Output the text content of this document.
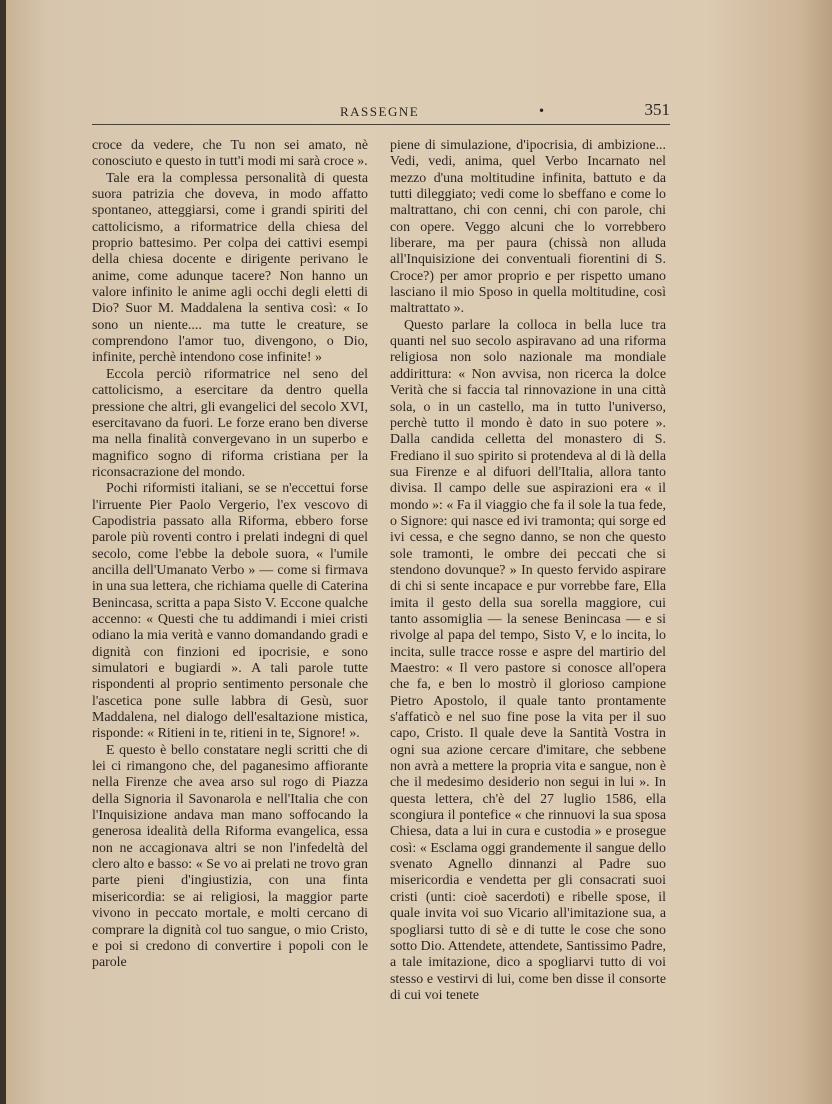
RASSEGNE	•	351

croce da vedere, che Tu non sei amato, nè conosciuto e questo in tutt'i modi mi sarà croce ».

Tale era la complessa personalità di questa suora patrizia che doveva, in modo affatto spontaneo, atteggiarsi, come i grandi spiriti del cattolicismo, a riformatrice della chiesa del proprio battesimo. Per colpa dei cattivi esempi della chiesa docente e dirigente perivano le anime, come adunque tacere? Non hanno un valore infinito le anime agli occhi degli eletti di Dio? Suor M. Maddalena la sentiva così: « Io sono un niente.... ma tutte le creature, se comprendono l'amor tuo, divengono, o Dio, infinite, perchè intendono cose infinite! »

Eccola perciò riformatrice nel seno del cattolicismo, a esercitare da dentro quella pressione che altri, gli evangelici del secolo XVI, esercitavano da fuori. Le forze erano ben diverse ma nella finalità convergevano in un superbo e magnifico sogno di riforma cristiana per la riconsacrazione del mondo.

Pochi riformisti italiani, se se n'eccettui forse l'irruente Pier Paolo Vergerio, l'ex vescovo di Capodistria passato alla Riforma, ebbero forse parole più roventi contro i prelati indegni di quel secolo, come l'ebbe la debole suora, « l'umile ancilla dell'Umanato Verbo » — come si firmava in una sua lettera, che richiama quelle di Caterina Benincasa, scritta a papa Sisto V. Eccone qualche accenno: « Questi che tu addimandi i miei cristi odiano la mia verità e vanno domandando gradi e dignità con finzioni ed ipocrisie, e sono simulatori e bugiardi ». A tali parole tutte rispondenti al proprio sentimento personale che l'ascetica pone sulle labbra di Gesù, suor Maddalena, nel dialogo dell'esaltazione mistica, risponde: « Ritieni in te, ritieni in te, Signore! ».

E questo è bello constatare negli scritti che di lei ci rimangono che, del paganesimo affiorante nella Firenze che avea arso sul rogo di Piazza della Signoria il Savonarola e nell'Italia che con l'Inquisizione andava man mano soffocando la generosa idealità della Riforma evangelica, essa non ne accagionava altri se non l'infedeltà del clero alto e basso: « Se vo ai prelati ne trovo gran parte pieni d'ingiustizia, con una finta misericordia: se ai religiosi, la maggior parte vivono in peccato mortale, e molti cercano di comprare la dignità col tuo sangue, o mio Cristo, e poi si credono di convertire i popoli con le parole

piene di simulazione, d'ipocrisia, di ambizione... Vedi, vedi, anima, quel Verbo Incarnato nel mezzo d'una moltitudine infinita, battuto e da tutti dileggiato; vedi come lo sbeffano e come lo maltrattano, chi con cenni, chi con parole, chi con opere. Veggo alcuni che lo vorrebbero liberare, ma per paura (chissà non alluda all'Inquisizione dei conventuali fiorentini di S. Croce?) per amor proprio e per rispetto umano lasciano il mio Sposo in quella moltitudine, così maltrattato ».

Questo parlare la colloca in bella luce tra quanti nel suo secolo aspiravano ad una riforma religiosa non solo nazionale ma mondiale addirittura: « Non avvisa, non ricerca la dolce Verità che si faccia tal rinnovazione in una città sola, o in un castello, ma in tutto l'universo, perchè tutto il mondo è dato in suo potere ». Dalla candida celletta del monastero di S. Frediano il suo spirito si protendeva al di là della sua Firenze e al difuori dell'Italia, allora tanto divisa. Il campo delle sue aspirazioni era « il mondo »: « Fa il viaggio che fa il sole la tua fede, o Signore: qui nasce ed ivi tramonta; qui sorge ed ivi cessa, e che segno danno, se non che questo sole tramonti, le ombre dei peccati che si stendono dovunque? » In questo fervido aspirare di chi si sente incapace e pur vorrebbe fare, Ella imita il gesto della sua sorella maggiore, cui tanto assomiglia — la senese Benincasa — e si rivolge al papa del tempo, Sisto V, e lo incita, lo incita, sulle tracce rosse e aspre del martirio del Maestro: « Il vero pastore si conosce all'opera che fa, e ben lo mostrò il glorioso campione Pietro Apostolo, il quale tanto prontamente s'affaticò e nel suo fine pose la vita per il suo capo, Cristo. Il quale deve la Santità Vostra in ogni sua azione cercare d'imitare, che sebbene non avrà a mettere la propria vita e sangue, non è che il medesimo desiderio non segui in lui ». In questa lettera, ch'è del 27 luglio 1586, ella scongiura il pontefice « che rinnuovi la sua sposa Chiesa, data a lui in cura e custodia » e prosegue così: « Esclama oggi grandemente il sangue dello svenato Agnello dinnanzi al Padre suo misericordia e vendetta per gli consacrati suoi cristi (unti: cioè sacerdoti) e ribelle spose, il quale invita voi suo Vicario all'imitazione sua, a spogliarsi tutto di sè e di tutte le cose che sono sotto Dio. Attendete, attendete, Santissimo Padre, a tale imitazione, dico a spogliarvi tutto di voi stesso e vestirvi di lui, come ben disse il consorte di cui voi tenete
